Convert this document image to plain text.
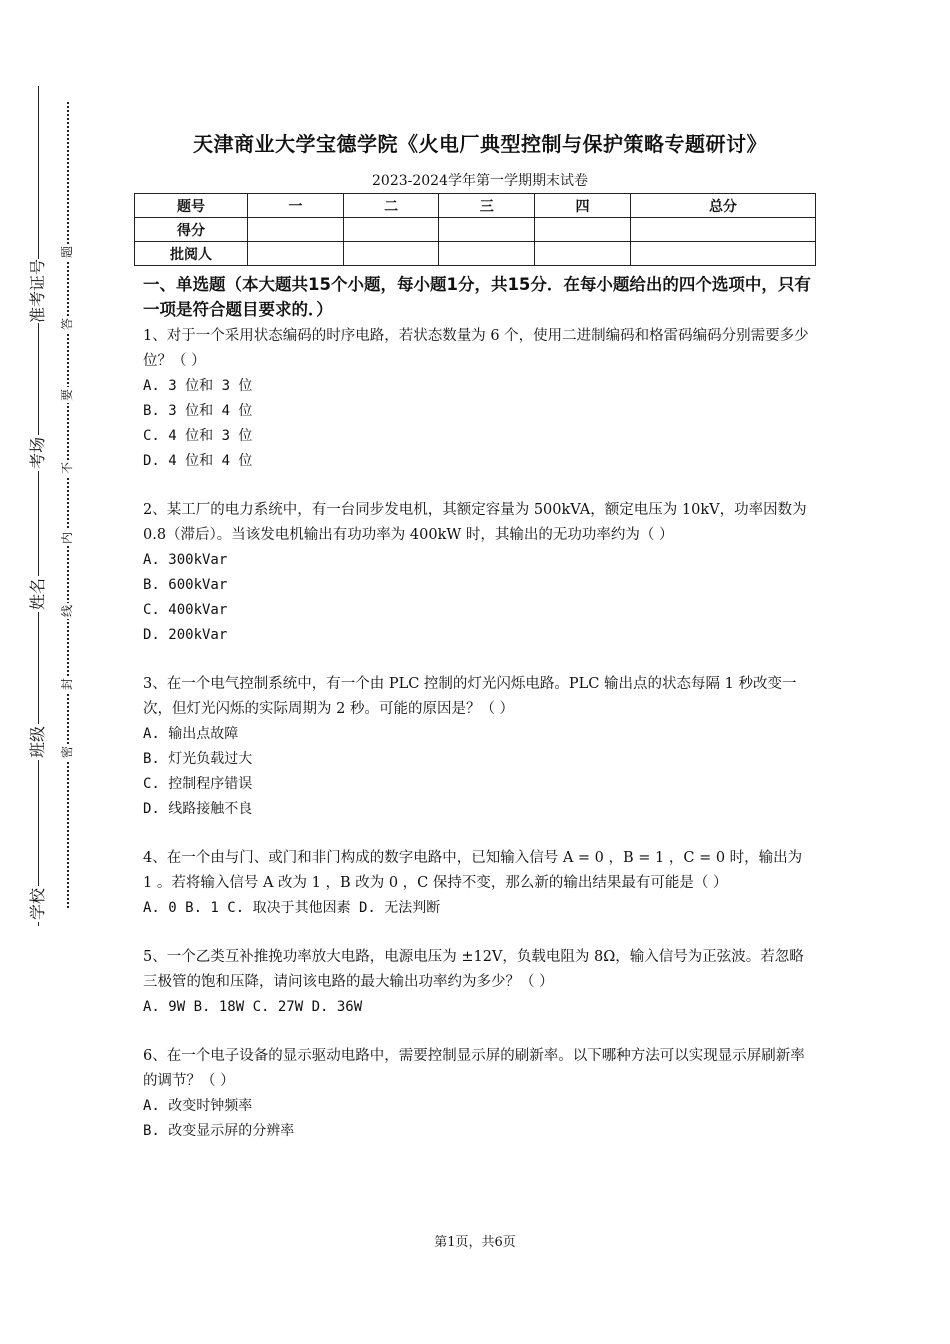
学校
班级
姓名
考场
准考证号
密
封
线
内
不
要
答
题
天津商业大学宝德学院《火电厂典型控制与保护策略专题研讨》
2023-2024学年第一学期期末试卷
题号	一	二	三	四	总分
得分					
批阅人					

一、单选题（本大题共15个小题，每小题1分，共15分．在每小题给出的四个选项中，只有一项是符合题目要求的．）

1、对于一个采用状态编码的时序电路，若状态数量为 6 个，使用二进制编码和格雷码编码分别需要多少位？（ ）

A. 3 位和 3 位

B. 3 位和 4 位

C. 4 位和 3 位

D. 4 位和 4 位

2、某工厂的电力系统中，有一台同步发电机，其额定容量为 500kVA，额定电压为 10kV，功率因数为 0.8（滞后）。当该发电机输出有功功率为 400kW 时，其输出的无功功率约为（ ）

A. 300kVar

B. 600kVar

C. 400kVar

D. 200kVar

3、在一个电气控制系统中，有一个由 PLC 控制的灯光闪烁电路。PLC 输出点的状态每隔 1 秒改变一次，但灯光闪烁的实际周期为 2 秒。可能的原因是？（ ）

A. 输出点故障

B. 灯光负载过大

C. 控制程序错误

D. 线路接触不良

4、在一个由与门、或门和非门构成的数字电路中，已知输入信号 A = 0 ，B = 1 ，C = 0 时，输出为 1 。若将输入信号 A 改为 1 ，B 改为 0 ，C 保持不变，那么新的输出结果最有可能是（ ）

A. 0 B. 1 C. 取决于其他因素 D. 无法判断

5、一个乙类互补推挽功率放大电路，电源电压为 ±12V，负载电阻为 8Ω，输入信号为正弦波。若忽略三极管的饱和压降，请问该电路的最大输出功率约为多少？（ ）

A. 9W B. 18W C. 27W D. 36W

6、在一个电子设备的显示驱动电路中，需要控制显示屏的刷新率。以下哪种方法可以实现显示屏刷新率的调节？（ ）

A. 改变时钟频率

B. 改变显示屏的分辨率

第1页，共6页
